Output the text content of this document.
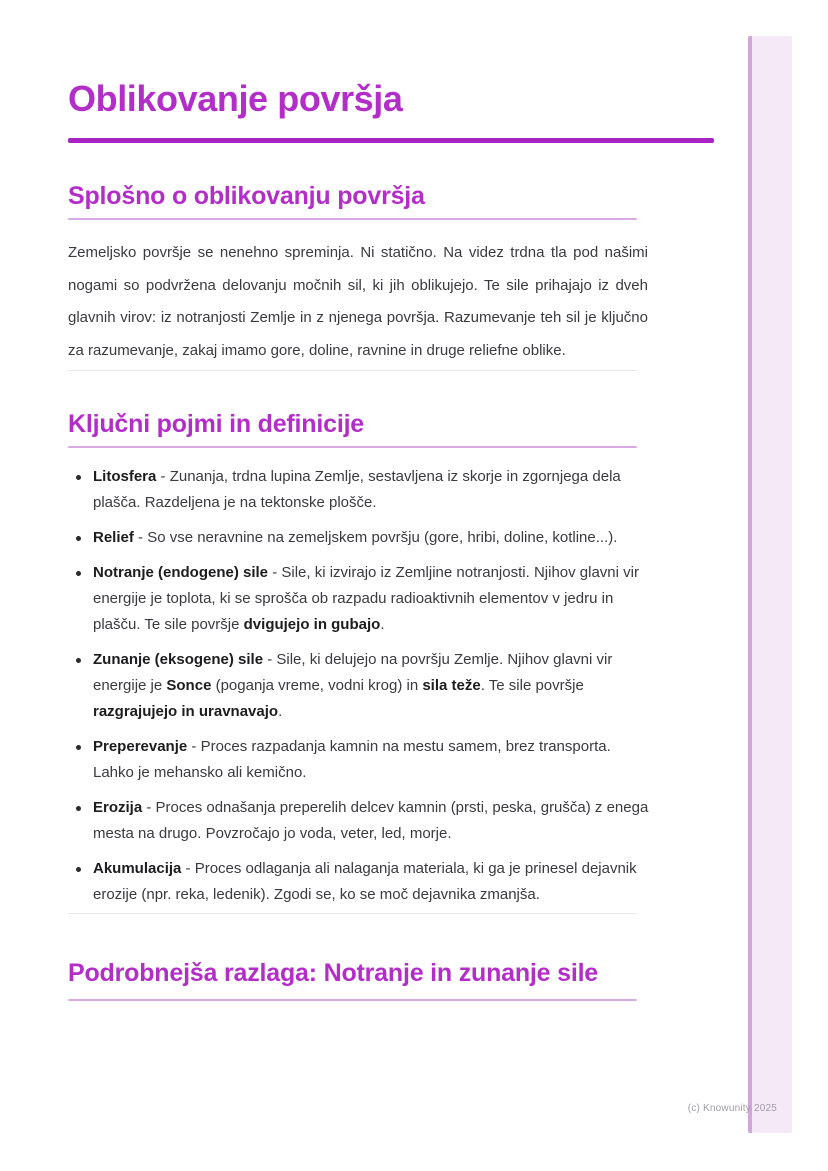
Oblikovanje površja
Splošno o oblikovanju površja

Zemeljsko površje se nenehno spreminja. Ni statično. Na videz trdna tla pod našimi nogami so podvržena delovanju močnih sil, ki jih oblikujejo. Te sile prihajajo iz dveh glavnih virov: iz notranjosti Zemlje in z njenega površja. Razumevanje teh sil je ključno za razumevanje, zakaj imamo gore, doline, ravnine in druge reliefne oblike.

Ključni pojmi in definicije
Litosfera - Zunanja, trdna lupina Zemlje, sestavljena iz skorje in zgornjega dela plašča. Razdeljena je na tektonske plošče.
Relief - So vse neravnine na zemeljskem površju (gore, hribi, doline, kotline...).
Notranje (endogene) sile - Sile, ki izvirajo iz Zemljine notranjosti. Njihov glavni vir energije je toplota, ki se sprošča ob razpadu radioaktivnih elementov v jedru in plašču. Te sile površje dvigujejo in gubajo.
Zunanje (eksogene) sile - Sile, ki delujejo na površju Zemlje. Njihov glavni vir energije je Sonce (poganja vreme, vodni krog) in sila teže. Te sile površje razgrajujejo in uravnavajo.
Preperevanje - Proces razpadanja kamnin na mestu samem, brez transporta. Lahko je mehansko ali kemično.
Erozija - Proces odnašanja preperelih delcev kamnin (prsti, peska, grušča) z enega mesta na drugo. Povzročajo jo voda, veter, led, morje.
Akumulacija - Proces odlaganja ali nalaganja materiala, ki ga je prinesel dejavnik erozije (npr. reka, ledenik). Zgodi se, ko se moč dejavnika zmanjša.
Podrobnejša razlaga: Notranje in zunanje sile
(c) Knowunity 2025
